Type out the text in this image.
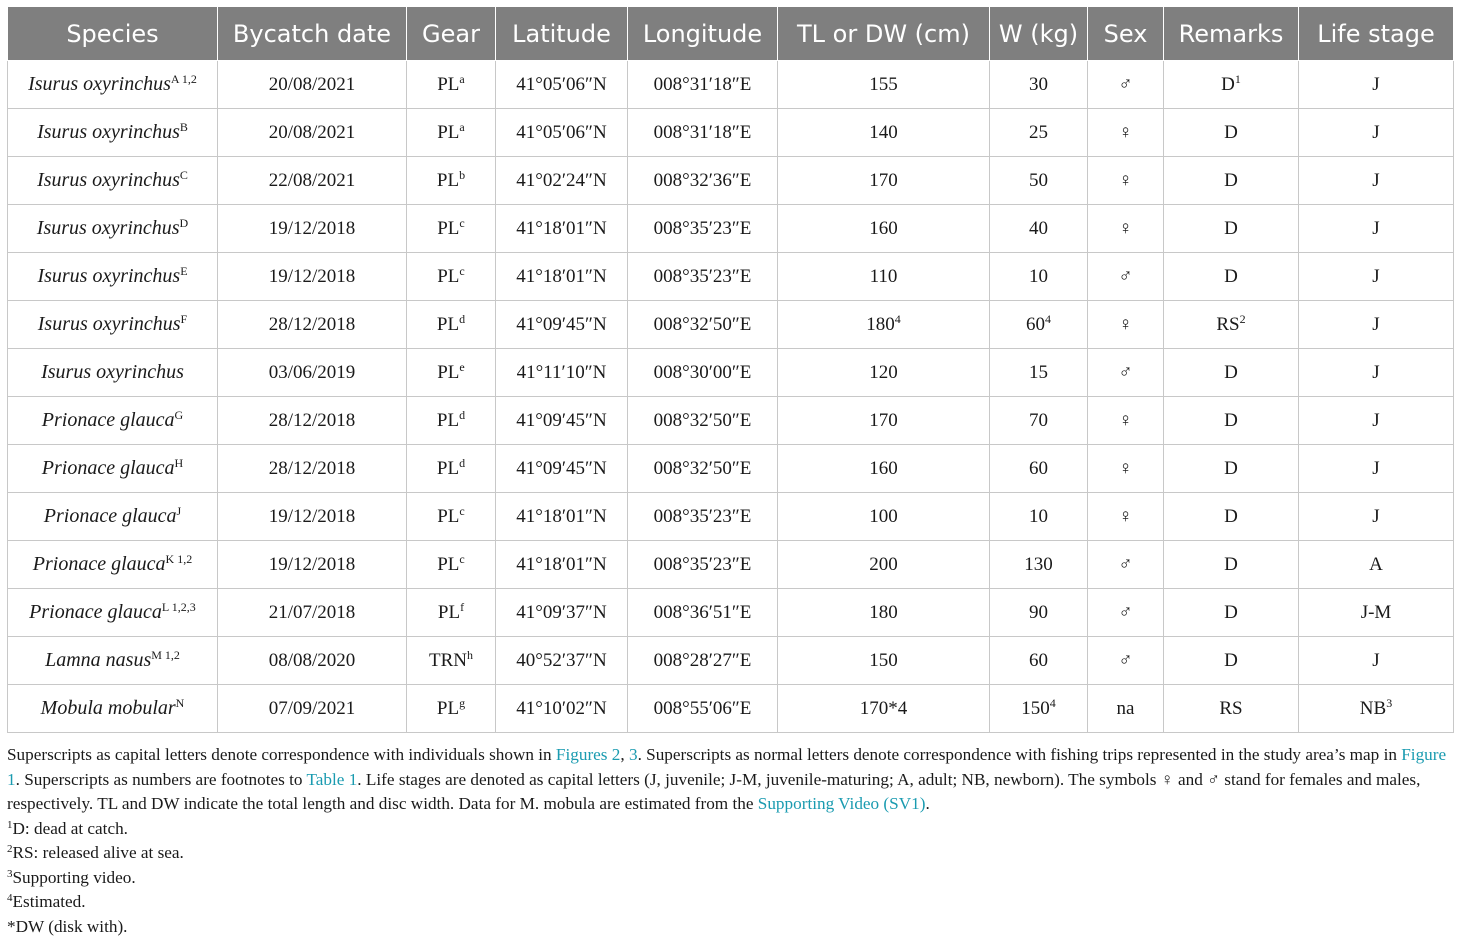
Species	Bycatch date	Gear	Latitude	Longitude	TL or DW (cm)	W (kg)	Sex	Remarks	Life stage
Isurus oxyrinchus$^{A 1,2}$	20/08/2021	$PL^a$	41°05′06″N	008°31′18″E	155	30	♂	$D^1$	J
Isurus oxyrinchus$^B$	20/08/2021	$PL^a$	41°05′06″N	008°31′18″E	140	25	♀	D	J
Isurus oxyrinchus$^C$	22/08/2021	$PL^b$	41°02′24″N	008°32′36″E	170	50	♀	D	J
Isurus oxyrinchus$^D$	19/12/2018	$PL^c$	41°18′01″N	008°35′23″E	160	40	♀	D	J
Isurus oxyrinchus$^E$	19/12/2018	$PL^c$	41°18′01″N	008°35′23″E	110	10	♂	D	J
Isurus oxyrinchus$^F$	28/12/2018	$PL^d$	41°09′45″N	008°32′50″E	$180^4$	$60^4$	♀	$RS^2$	J
Isurus oxyrinchus	03/06/2019	$PL^e$	41°11′10″N	008°30′00″E	120	15	♂	D	J
Prionace glauca$^G$	28/12/2018	$PL^d$	41°09′45″N	008°32′50″E	170	70	♀	D	J
Prionace glauca$^H$	28/12/2018	$PL^d$	41°09′45″N	008°32′50″E	160	60	♀	D	J
Prionace glauca$^J$	19/12/2018	$PL^c$	41°18′01″N	008°35′23″E	100	10	♀	D	J
Prionace glauca$^{K 1,2}$	19/12/2018	$PL^c$	41°18′01″N	008°35′23″E	200	130	♂	D	A
Prionace glauca$^{L 1,2,3}$	21/07/2018	$PL^f$	41°09′37″N	008°36′51″E	180	90	♂	D	J-M
Lamna nasus$^{M 1,2}$	08/08/2020	TRN$^h$	40°52′37″N	008°28′27″E	150	60	♂	D	J
Mobula mobular$^N$	07/09/2021	$PL^g$	41°10′02″N	008°55′06″E	170*4	$150^4$	na	RS	$NB^3$

Superscripts as capital letters denote correspondence with individuals shown in Figures 2, 3. Superscripts as normal letters denote correspondence with fishing trips represented in the study area’s map in Figure 1. Superscripts as numbers are footnotes to Table 1. Life stages are denoted as capital letters (J, juvenile; J-M, juvenile-maturing; A, adult; NB, newborn). The symbols ♀ and ♂ stand for females and males, respectively. TL and DW indicate the total length and disc width. Data for M. mobula are estimated from the Supporting Video (SV1).

$^1$D: dead at catch.

$^2$RS: released alive at sea.

$^3$Supporting video.

$^4$Estimated.

*DW (disk with).
